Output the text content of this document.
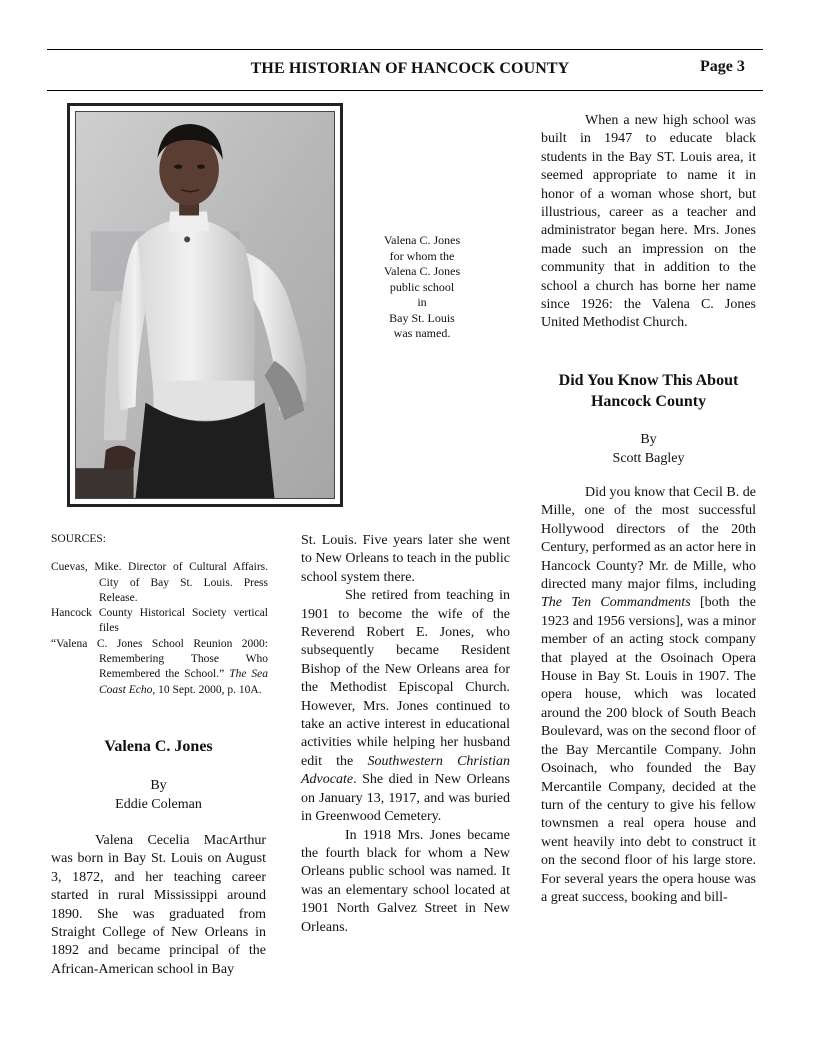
THE HISTORIAN OF HANCOCK COUNTY	Page 3
Valena C. Jones
for whom the
Valena C. Jones
public school
in
Bay St. Louis
was named.
SOURCES:

Cuevas, Mike. Director of Cultural Affairs. City of Bay St. Louis. Press Release.

Hancock County Historical Society vertical files

“Valena C. Jones School Reunion 2000: Remembering Those Who Remembered the School.” The Sea Coast Echo, 10 Sept. 2000, p. 10A.

Valena C. Jones
By
Eddie Coleman

Valena Cecelia MacArthur was born in Bay St. Louis on August 3, 1872, and her teaching career started in rural Mississippi around 1890. She was graduated from Straight College of New Orleans in 1892 and became principal of the African-American school in Bay

St. Louis. Five years later she went to New Orleans to teach in the public school system there.

She retired from teaching in 1901 to become the wife of the Reverend Robert E. Jones, who subsequently became Resident Bishop of the New Orleans area for the Methodist Episcopal Church. However, Mrs. Jones continued to take an active interest in educational activities while helping her husband edit the Southwestern Christian Advocate. She died in New Orleans on January 13, 1917, and was buried in Greenwood Cemetery.

In 1918 Mrs. Jones became the fourth black for whom a New Orleans public school was named. It was an elementary school located at 1901 North Galvez Street in New Orleans.

When a new high school was built in 1947 to educate black students in the Bay ST. Louis area, it seemed appropriate to name it in honor of a woman whose short, but illustrious, career as a teacher and administrator began here. Mrs. Jones made such an impression on the community that in addition to the school a church has borne her name since 1926: the Valena C. Jones United Methodist Church.

Did You Know This About
Hancock County
By
Scott Bagley

Did you know that Cecil B. de Mille, one of the most successful Hollywood directors of the 20th Century, performed as an actor here in Hancock County? Mr. de Mille, who directed many major films, including The Ten Commandments [both the 1923 and 1956 versions], was a minor member of an acting stock company that played at the Osoinach Opera House in Bay St. Louis in 1907. The opera house, which was located around the 200 block of South Beach Boulevard, was on the second floor of the Bay Mercantile Company. John Osoinach, who founded the Bay Mercantile Company, decided at the turn of the century to give his fellow townsmen a real opera house and went heavily into debt to construct it on the second floor of his large store. For several years the opera house was a great success, booking and bill-
